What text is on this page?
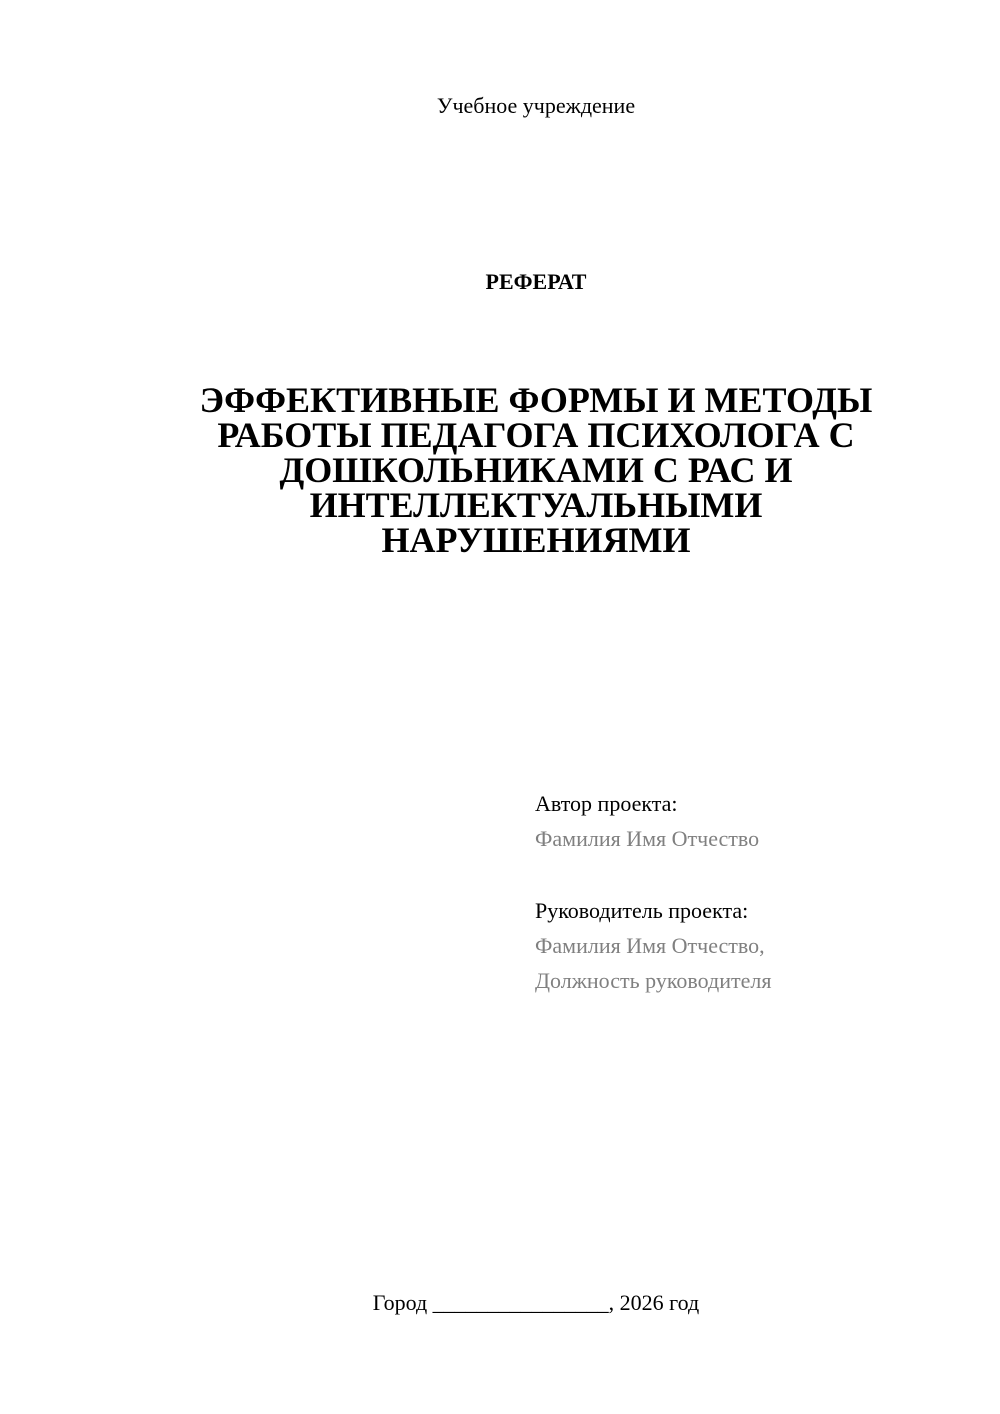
Учебное учреждение
РЕФЕРАТ
ЭФФЕКТИВНЫЕ ФОРМЫ И МЕТОДЫ
РАБОТЫ ПЕДАГОГА ПСИХОЛОГА С
ДОШКОЛЬНИКАМИ С РАС И
ИНТЕЛЛЕКТУАЛЬНЫМИ
НАРУШЕНИЯМИ
Автор проекта:
Фамилия Имя Отчество
Руководитель проекта:
Фамилия Имя Отчество,
Должность руководителя
Город ________________, 2026 год
